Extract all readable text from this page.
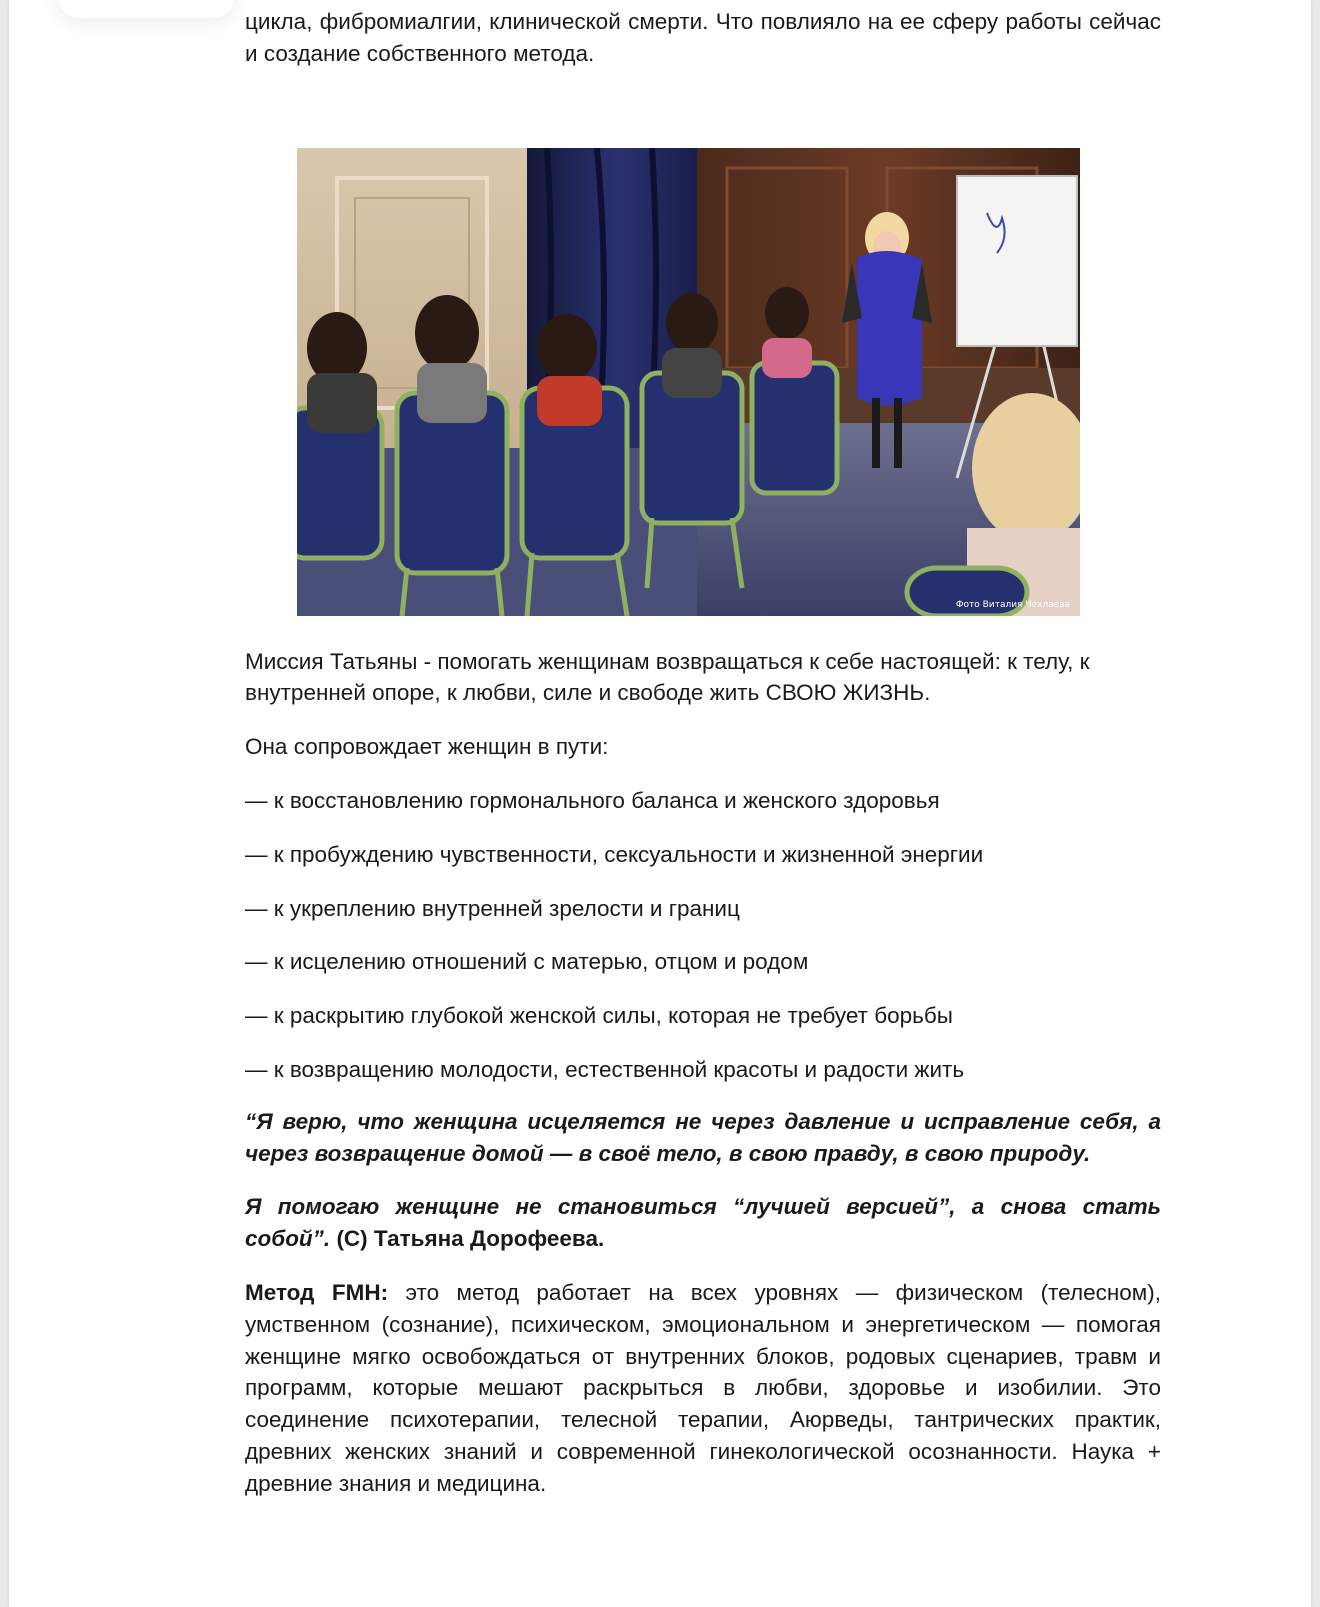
цикла, фибромиалгии, клинической смерти. Что повлияло на ее сферу работы сейчас и создание собственного метода.

Фото Виталия Чехлаева

Миссия Татьяны - помогать женщинам возвращаться к себе настоящей: к телу, к внутренней опоре, к любви, силе и свободе жить СВОЮ ЖИЗНЬ.

Она сопровождает женщин в пути:

— к восстановлению гормонального баланса и женского здоровья

— к пробуждению чувственности, сексуальности и жизненной энергии

— к укреплению внутренней зрелости и границ

— к исцелению отношений с матерью, отцом и родом

— к раскрытию глубокой женской силы, которая не требует борьбы

— к возвращению молодости, естественной красоты и радости жить

“Я верю, что женщина исцеляется не через давление и исправление себя, а через возвращение домой — в своё тело, в свою правду, в свою природу.

Я помогаю женщине не становиться “лучшей версией”, а снова стать собой”. (С) Татьяна Дорофеева.

Метод FMH: это метод работает на всех уровнях — физическом (телесном), умственном (сознание), психическом, эмоциональном и энергетическом — помогая женщине мягко освобождаться от внутренних блоков, родовых сценариев, травм и программ, которые мешают раскрыться в любви, здоровье и изобилии. Это соединение психотерапии, телесной терапии, Аюрведы, тантрических практик, древних женских знаний и современной гинекологической осознанности. Наука + древние знания и медицина.
